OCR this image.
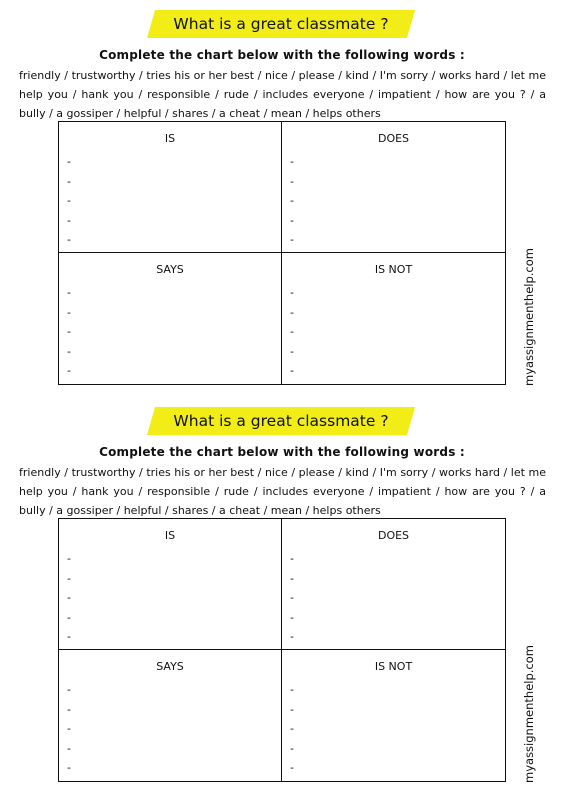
What is a great classmate ?
Complete the chart below with the following words :
friendly / trustworthy / tries his or her best / nice / please / kind / I'm sorry / works hard / let me help you / hank you / responsible / rude / includes everyone / impatient / how are you ? / a bully / a gossiper / helpful / shares / a cheat / mean / helps others
IS
-
-
-
-
-
DOES
-
-
-
-
-
SAYS
-
-
-
-
-
IS NOT
-
-
-
-
-	myassignmenthelp.com
What is a great classmate ?
Complete the chart below with the following words :
friendly / trustworthy / tries his or her best / nice / please / kind / I'm sorry / works hard / let me help you / hank you / responsible / rude / includes everyone / impatient / how are you ? / a bully / a gossiper / helpful / shares / a cheat / mean / helps others
IS
-
-
-
-
-
DOES
-
-
-
-
-
SAYS
-
-
-
-
-
IS NOT
-
-
-
-
-	myassignmenthelp.com
